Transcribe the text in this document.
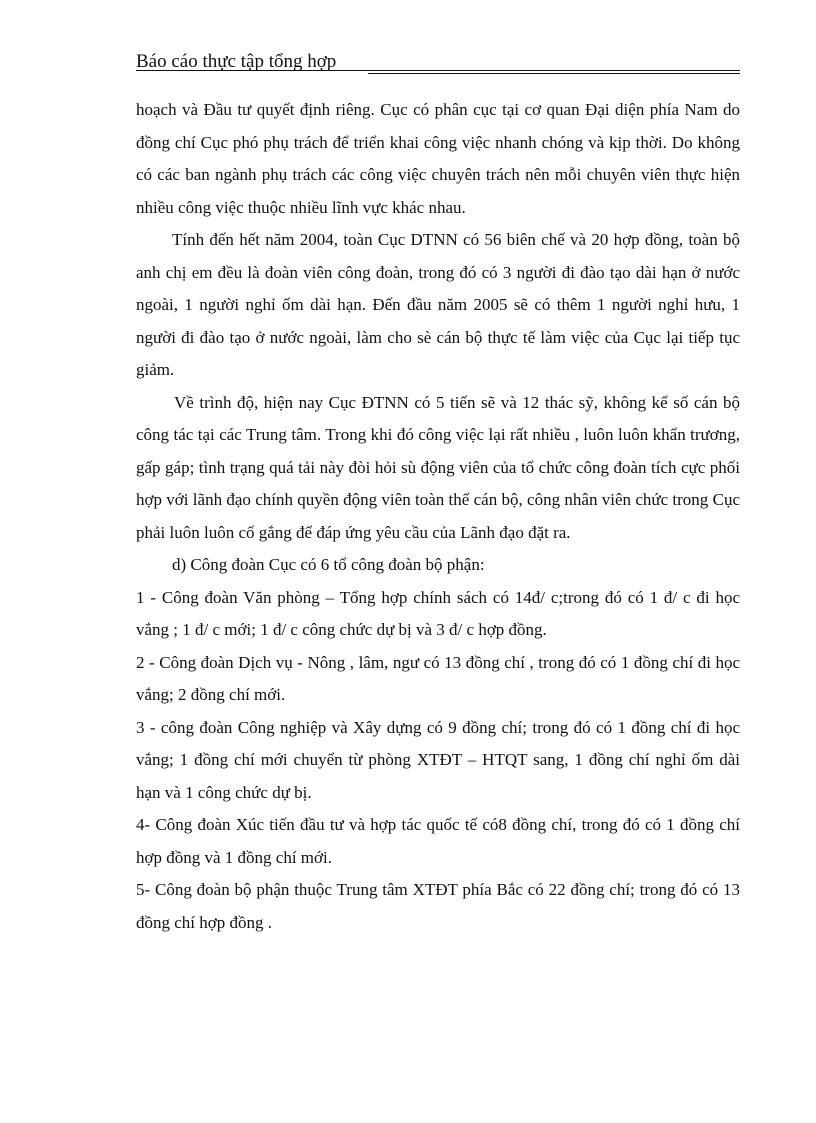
Báo cáo thực tập tổng hợp

hoạch và Đầu tư quyết định riêng. Cục có phân cục tại cơ quan Đại diện phía Nam do đồng chí Cục phó phụ trách để triển khai công việc nhanh chóng và kịp thời. Do không có các ban ngành phụ trách các công việc chuyên trách nên mỗi chuyên viên thực hiện nhiều công việc thuộc nhiều lĩnh vực khác nhau.

Tính đến hết năm 2004, toàn Cục DTNN có 56 biên chế và 20 hợp đồng, toàn bộ anh chị em đều là đoàn viên công đoàn, trong đó có 3 người đi đào tạo dài hạn ở nước ngoài, 1 người nghỉ ốm dài hạn. Đến đầu năm 2005 sẽ có thêm 1 người nghỉ hưu, 1 người đi đào tạo ở nước ngoài, làm cho sè cán bộ thực tế làm việc của Cục lại tiếp tục giảm.

Về trình độ, hiện nay Cục ĐTNN có 5 tiến sẽ và 12 thác sỹ, không kể số cán bộ công tác tại các Trung tâm. Trong khi đó công việc lại rất nhiều , luôn luôn khẩn trương, gấp gáp; tình trạng quá tải này đòi hỏi sù động viên của tổ chức công đoàn tích cực phối hợp với lãnh đạo chính quyền động viên toàn thể cán bộ, công nhân viên chức trong Cục phải luôn luôn cố gắng để đáp ứng yêu cầu của Lãnh đạo đặt ra.

d) Công đoàn Cục có 6 tổ công đoàn bộ phận:

1 - Công đoàn Văn phòng – Tổng hợp chính sách có 14đ/ c;trong đó có 1 đ/ c đi học vắng ; 1 đ/ c mới; 1 đ/ c công chức dự bị và 3 đ/ c hợp đồng.

2 - Công đoàn Dịch vụ - Nông , lâm, ngư có 13 đồng chí , trong đó có 1 đồng chí đi học vắng; 2 đồng chí mới.

3 - công đoàn Công nghiệp và Xây dựng có 9 đồng chí; trong đó có 1 đồng chí đi học vắng; 1 đồng chí mới chuyển từ phòng XTĐT – HTQT sang, 1 đồng chí nghỉ ốm dài hạn và 1 công chức dự bị.

4- Công đoàn Xúc tiến đầu tư và hợp tác quốc tế có8 đồng chí, trong đó có 1 đồng chí hợp đồng và 1 đồng chí mới.

5- Công đoàn bộ phận thuộc Trung tâm XTĐT phía Bắc có 22 đồng chí; trong đó có 13 đồng chí hợp đồng .
